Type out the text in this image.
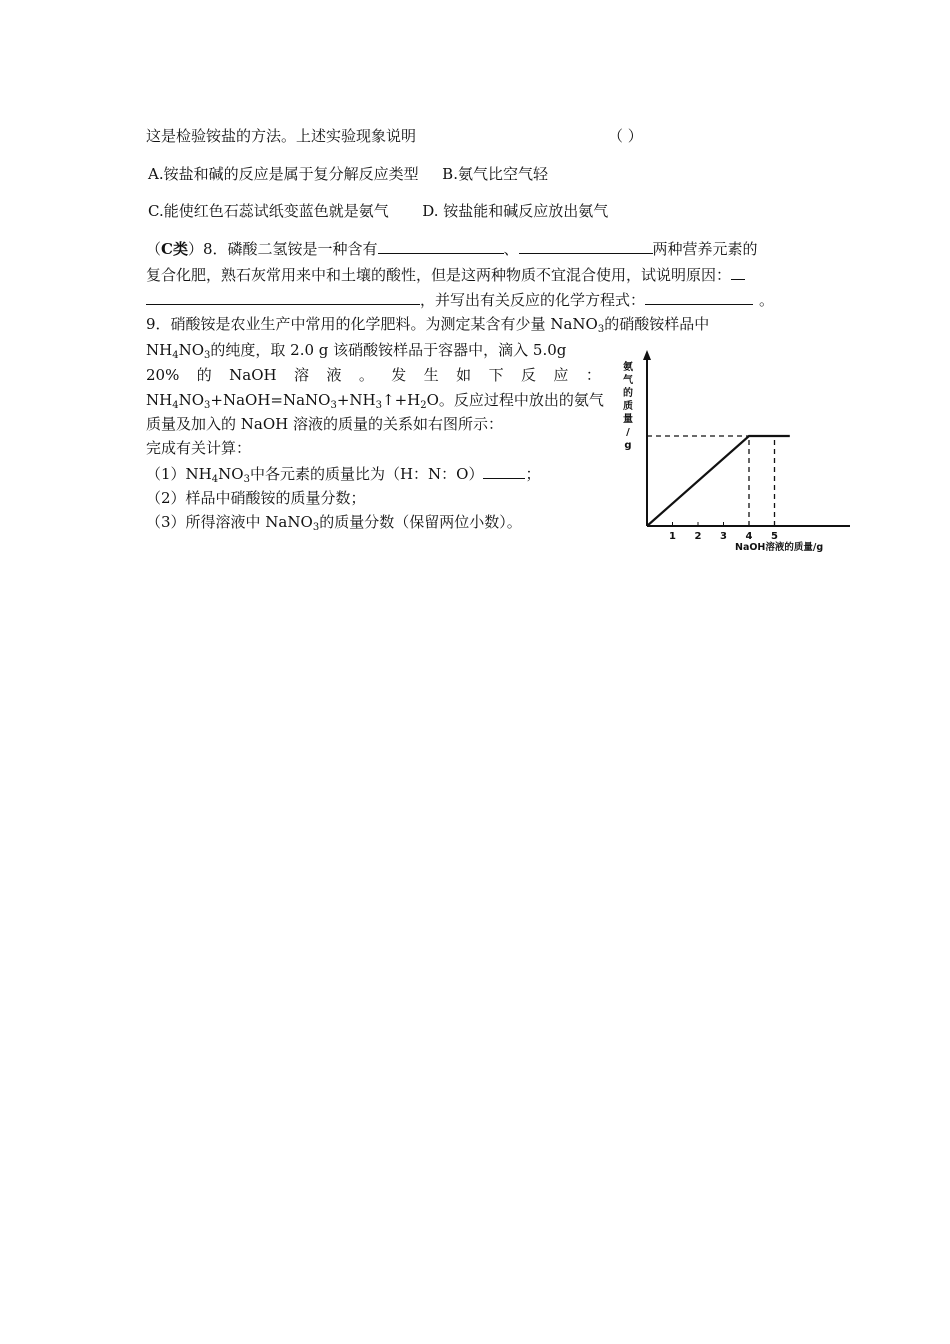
这是检验铵盐的方法。上述实验现象说明	（ ）
A.铵盐和碱的反应是属于复分解反应类型 B.氨气比空气轻
C.能使红色石蕊试纸变蓝色就是氨气 D. 铵盐能和碱反应放出氨气
（C类）8．磷酸二氢铵是一种含有	、	两种营养元素的
复合化肥，熟石灰常用来中和土壤的酸性，但是这两种物质不宜混合使用，试说明原因：
，并写出有关反应的化学方程式：	。
9．硝酸铵是农业生产中常用的化学肥料。为测定某含有少量 NaNO$_3$的硝酸铵样品中
$NH_4NO_3$的纯度，取 2.0 g 该硝酸铵样品于容器中，滴入 5.0g
20% 的 NaOH 溶 液 。 发 生 如 下 反 应 ：
$NH_4NO_3+NaOH=NaNO_3+NH_3↑+H_2O$。反应过程中放出的氨气
质量及加入的 NaOH 溶液的质量的关系如右图所示：
完成有关计算：
$(1)NH_4NO_3$中各元素的质量比为（H：N：O）	；
（2）样品中硝酸铵的质量分数；
（3）所得溶液中 NaNO$_3$的质量分数（保留两位小数）。
1 2 3 4 5
氨
气
的
质
量
/
g
NaOH溶液的质量/g
